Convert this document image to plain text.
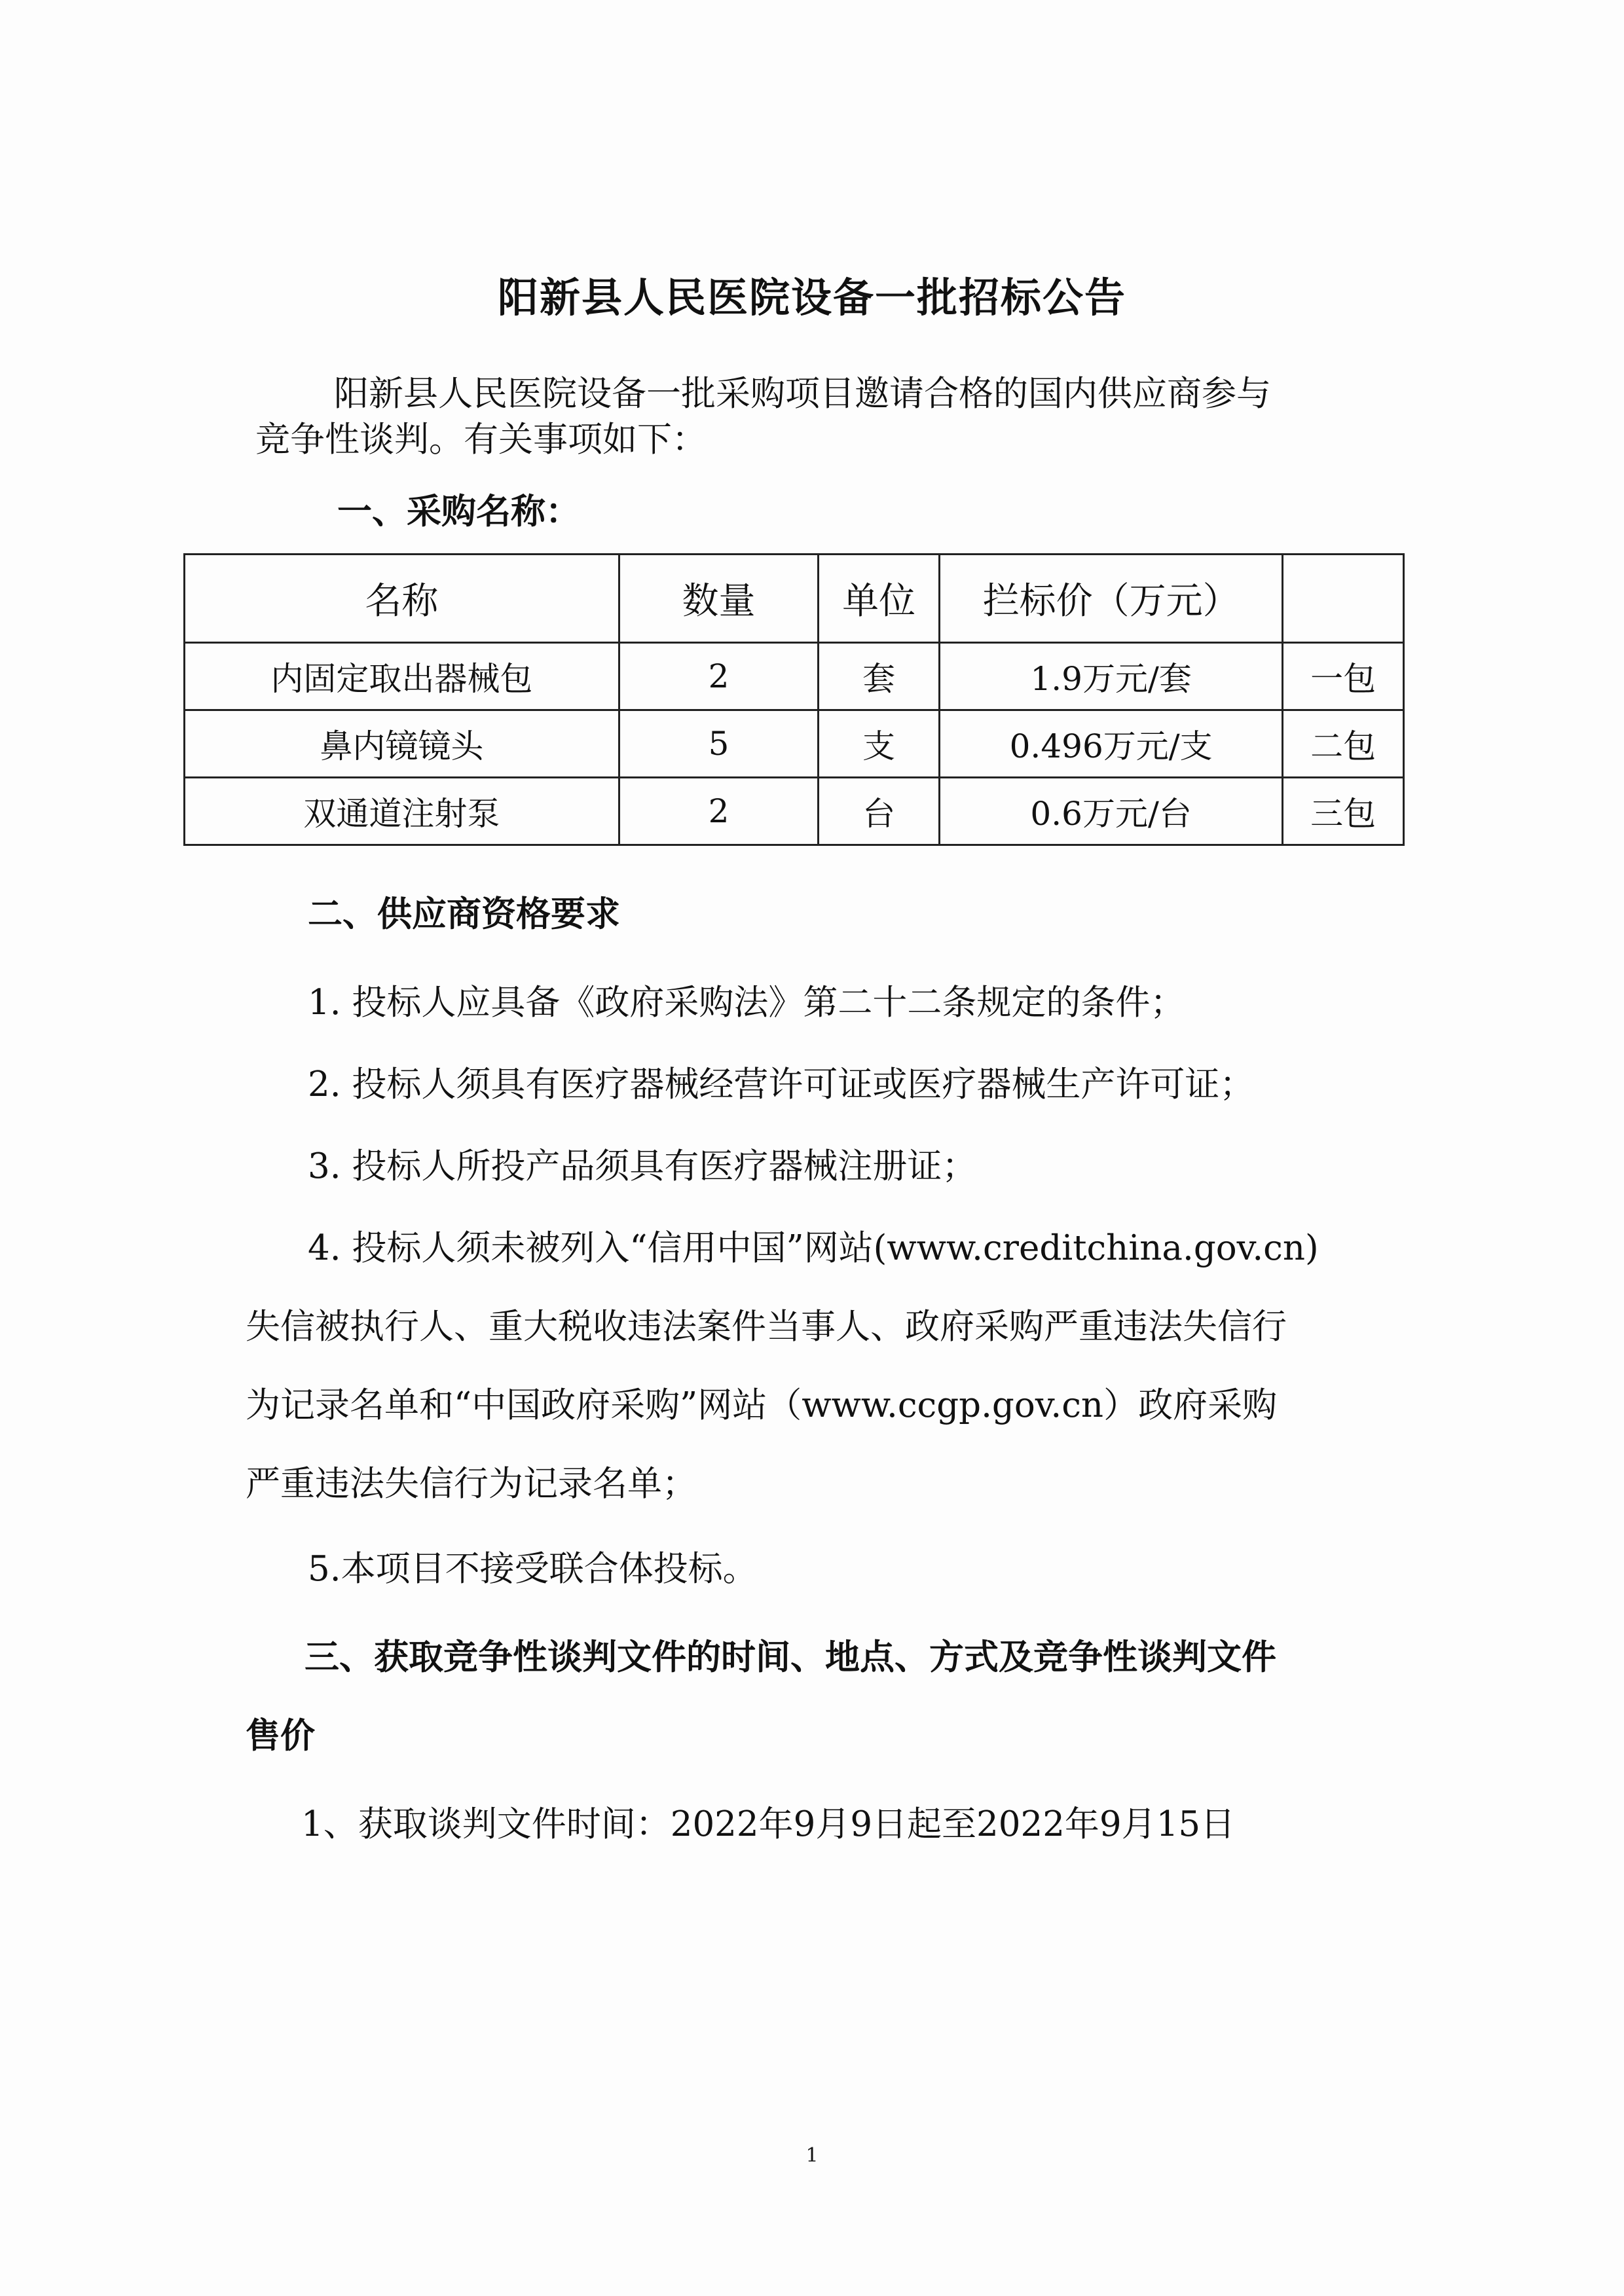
阳新县人民医院设备一批招标公告
阳新县人民医院设备一批采购项目邀请合格的国内供应商参与
竞争性谈判。有关事项如下：
一、采购名称：
名称	数量	单位	拦标价（万元）	
内固定取出器械包	2	套	1.9万元/套	一包
鼻内镜镜头	5	支	0.496万元/支	二包
双通道注射泵	2	台	0.6万元/台	三包
二、供应商资格要求
1. 投标人应具备《政府采购法》第二十二条规定的条件；
2. 投标人须具有医疗器械经营许可证或医疗器械生产许可证；
3. 投标人所投产品须具有医疗器械注册证；
4. 投标人须未被列入“信用中国”网站(www.creditchina.gov.cn)
失信被执行人、重大税收违法案件当事人、政府采购严重违法失信行
为记录名单和“中国政府采购”网站（www.ccgp.gov.cn）政府采购
严重违法失信行为记录名单；
5.本项目不接受联合体投标。
三、获取竞争性谈判文件的时间、地点、方式及竞争性谈判文件
售价
1、获取谈判文件时间：2022年9月9日起至2022年9月15日
1
